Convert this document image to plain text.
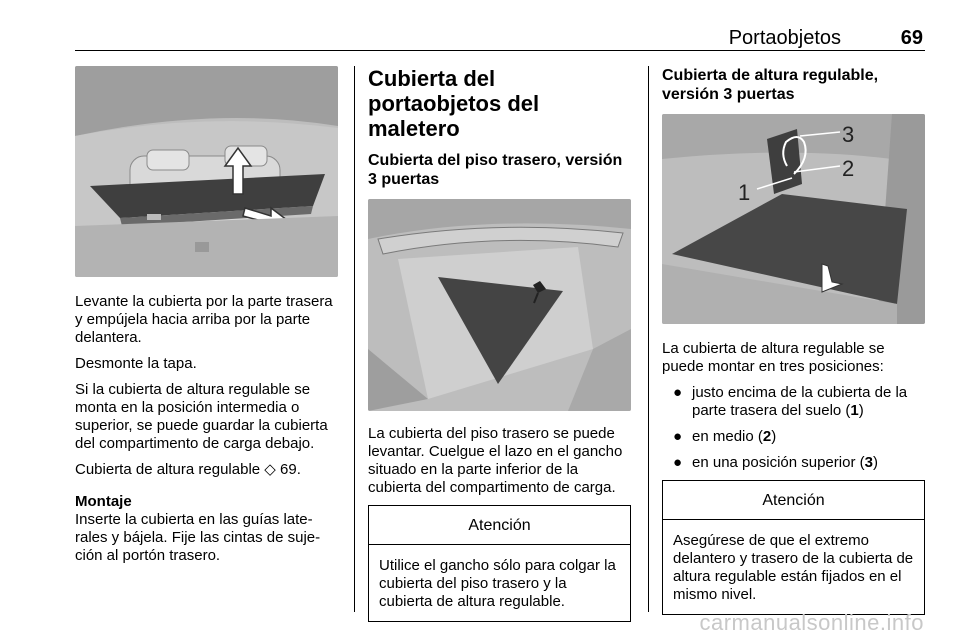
Portaobjetos	69

Levante la cubierta por la parte trasera y empújela hacia arriba por la parte delantera.

Desmonte la tapa.

Si la cubierta de altura regulable se monta en la posición intermedia o superior, se puede guardar la cubierta del compartimento de carga debajo.

Cubierta de altura regulable ◇ 69.

Montaje

Inserte la cubierta en las guías late-rales y bájela. Fije las cintas de suje-ción al portón trasero.

Cubierta del portaobjetos del maletero
Cubierta del piso trasero, versión 3 puertas

La cubierta del piso trasero se puede levantar. Cuelgue el lazo en el gancho situado en la parte inferior de la cubierta del compartimento de carga.

Atención
Utilice el gancho sólo para colgar la cubierta del piso trasero y la cubierta de altura regulable.
Cubierta de altura regulable, versión 3 puertas
3
2
1

La cubierta de altura regulable se puede montar en tres posiciones:

● justo encima de la cubierta de la parte trasera del suelo (1)
● en medio (2)
● en una posición superior (3)
Atención
Asegúrese de que el extremo delantero y trasero de la cubierta de altura regulable están fijados en el mismo nivel.
carmanualsonline.info
